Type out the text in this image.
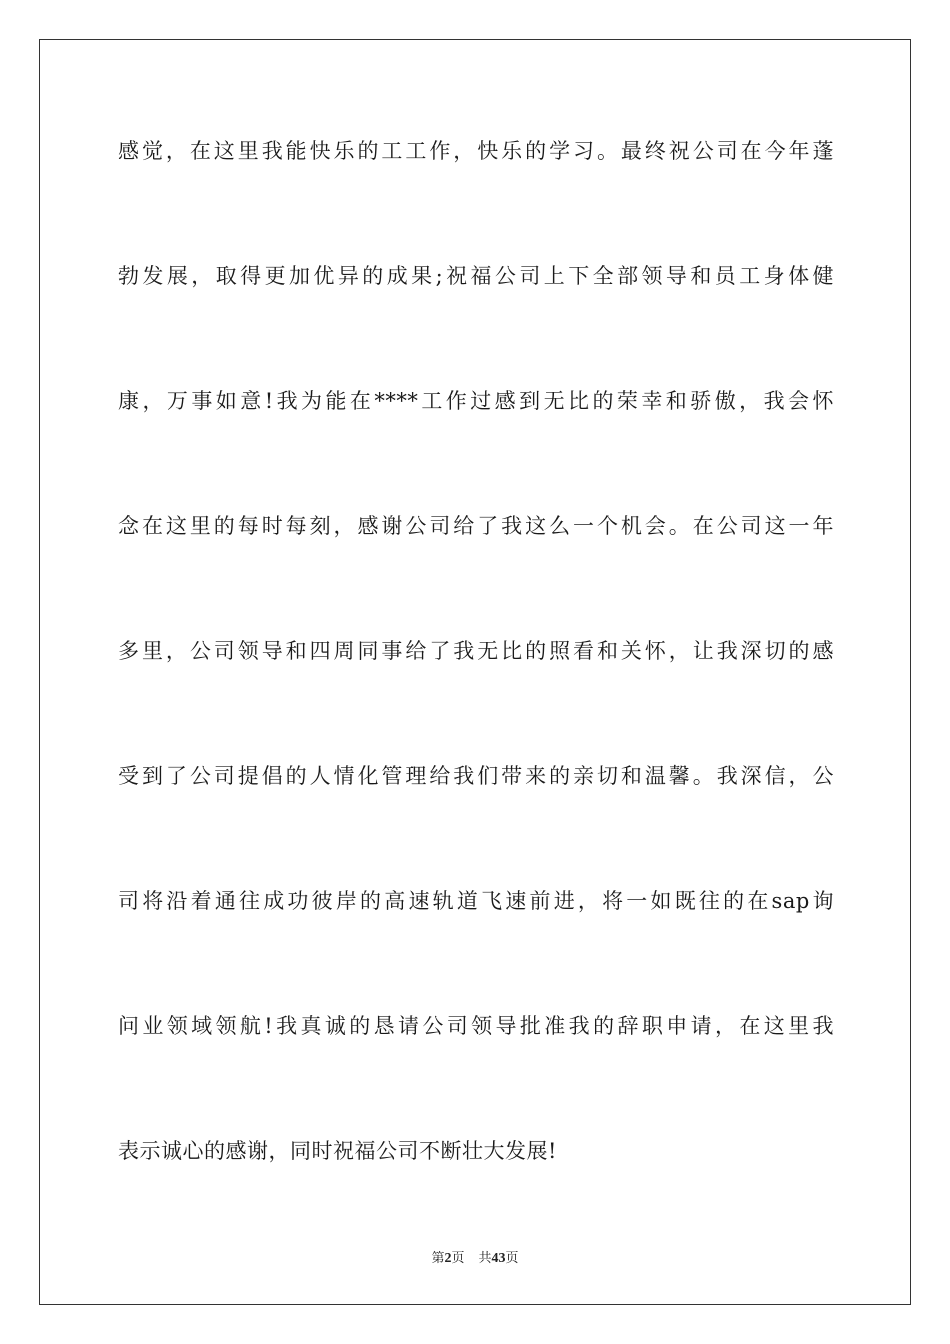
感觉，在这里我能快乐的工工作，快乐的学习。最终祝公司在今年蓬
勃发展，取得更加优异的成果;祝福公司上下全部领导和员工身体健
康，万事如意!我为能在****工作过感到无比的荣幸和骄傲，我会怀
念在这里的每时每刻，感谢公司给了我这么一个机会。在公司这一年
多里，公司领导和四周同事给了我无比的照看和关怀，让我深切的感
受到了公司提倡的人情化管理给我们带来的亲切和温馨。我深信，公
司将沿着通往成功彼岸的高速轨道飞速前进，将一如既往的在sap询
问业领域领航!我真诚的恳请公司领导批准我的辞职申请，在这里我
表示诚心的感谢，同时祝福公司不断壮大发展!
第2页 共43页
